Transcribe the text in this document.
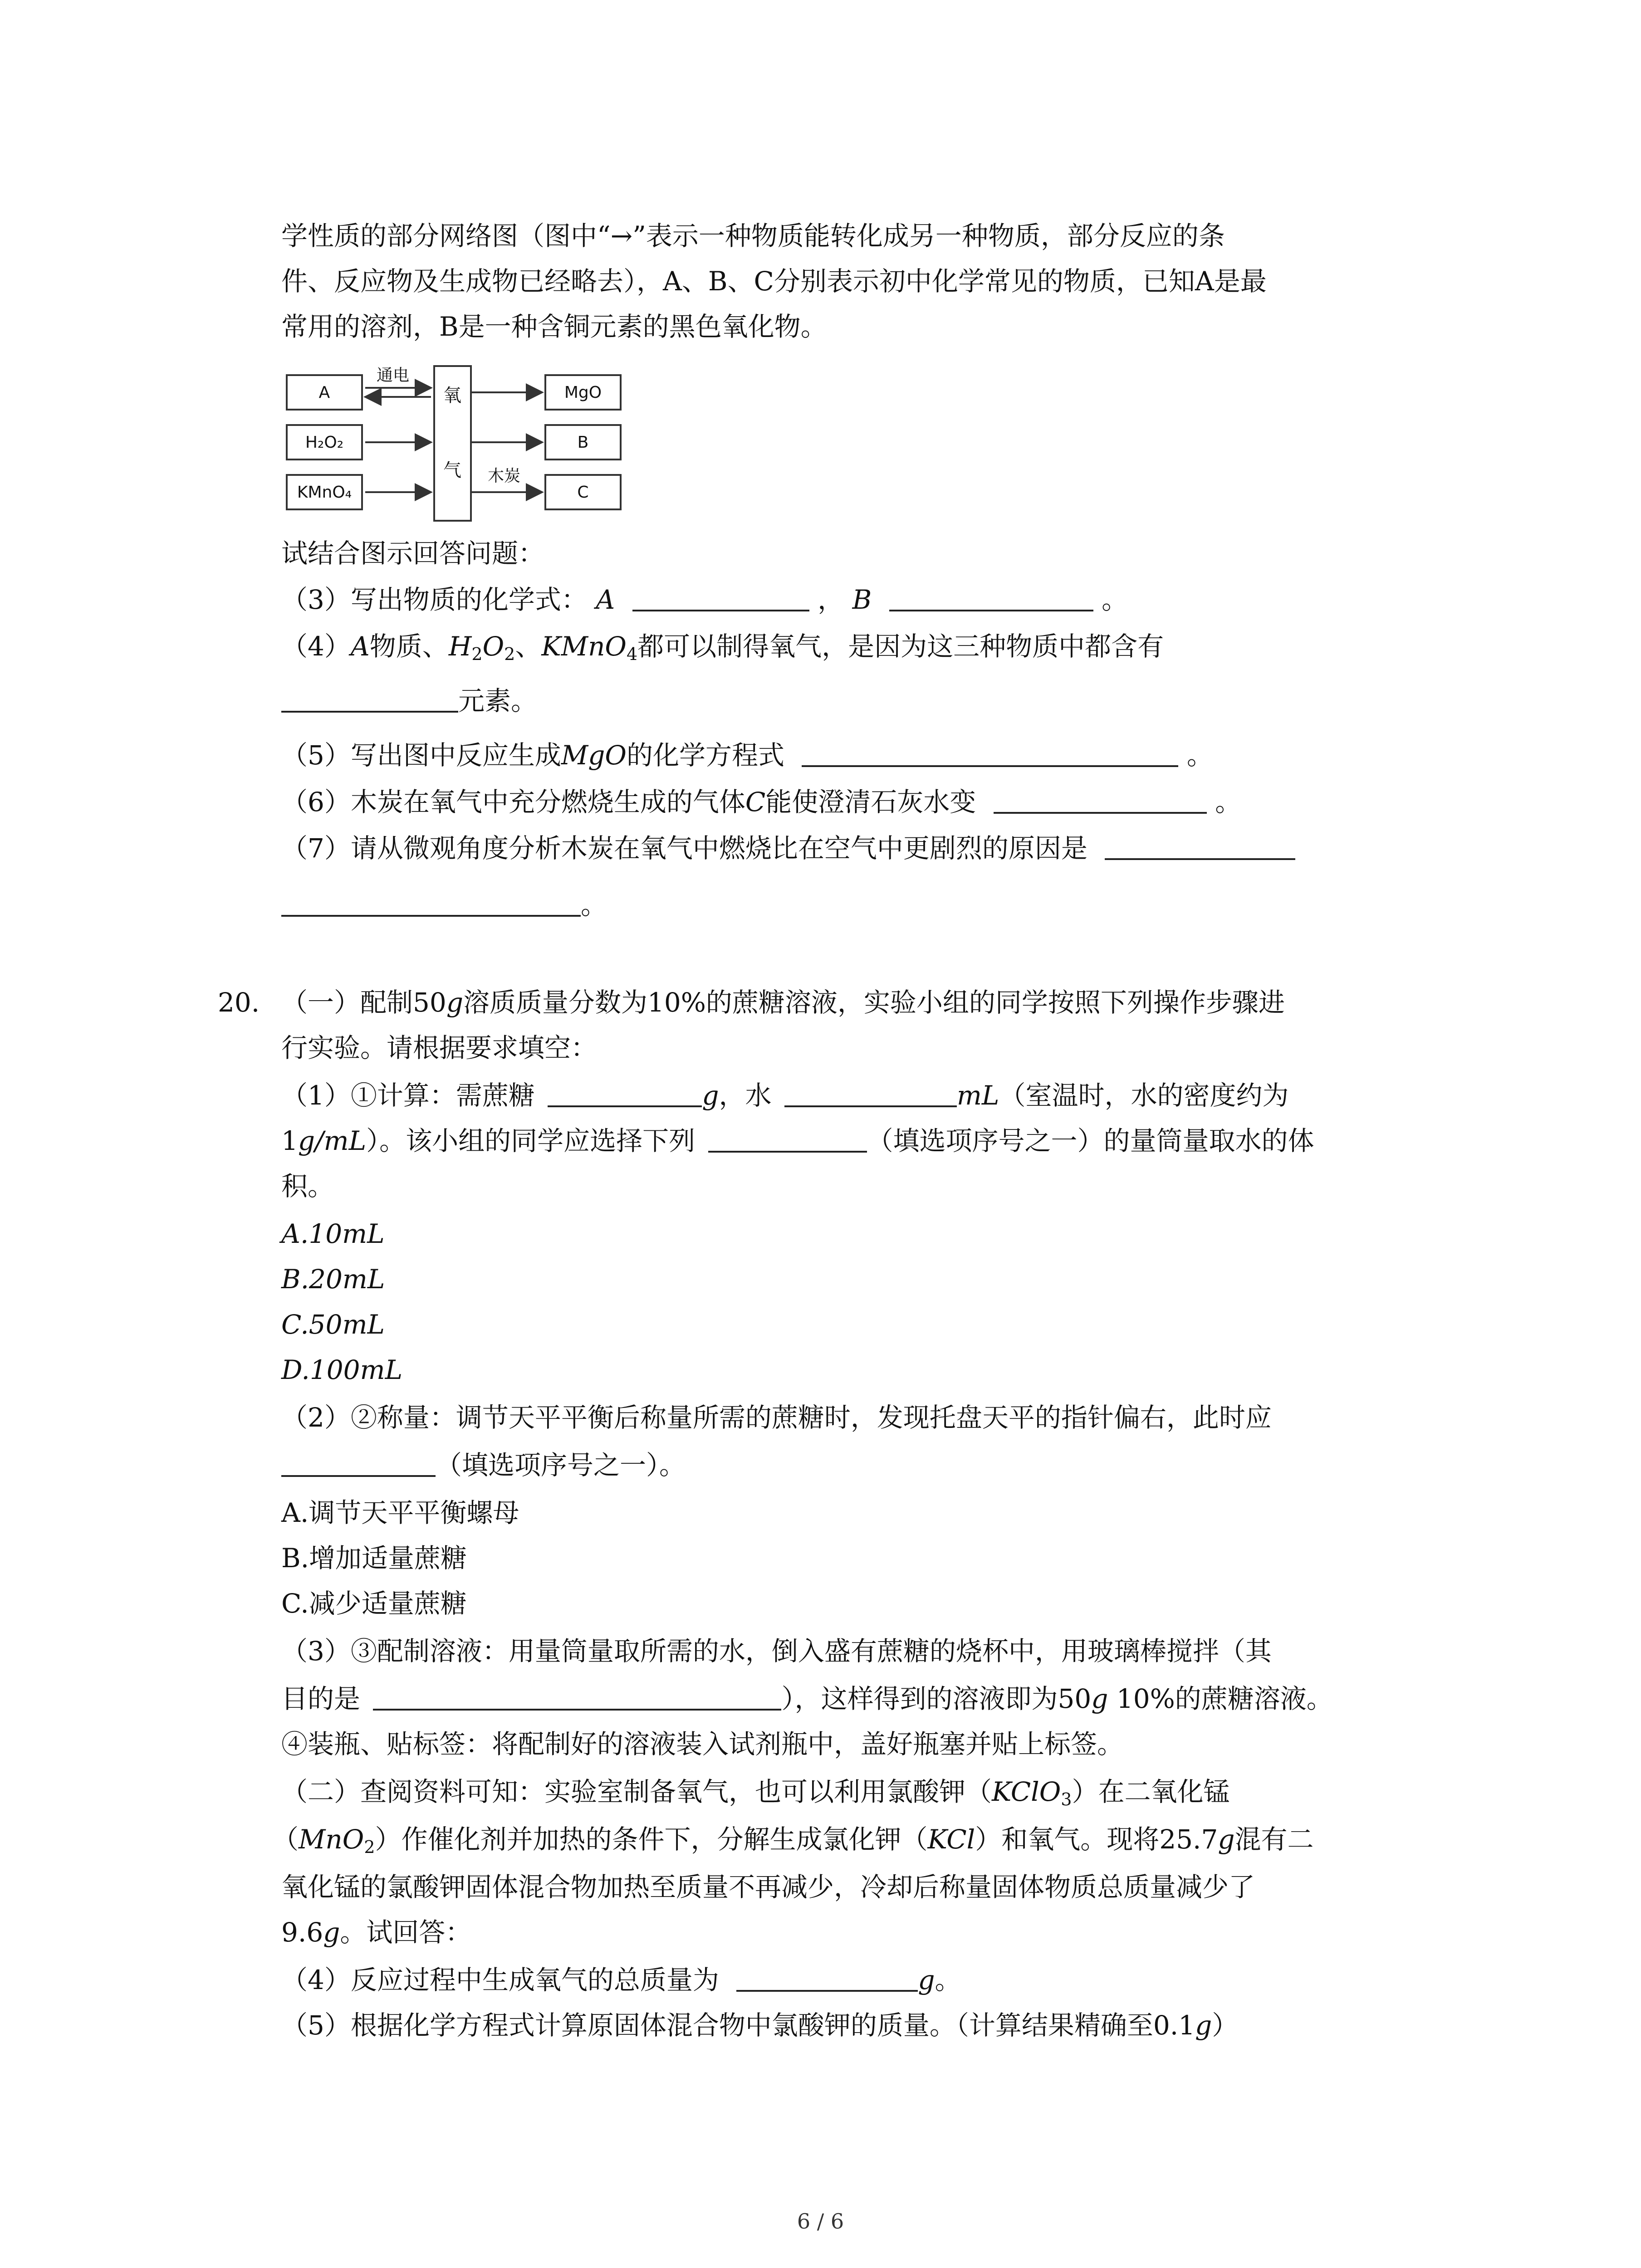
学性质的部分网络图（图中“→”表示一种物质能转化成另一种物质，部分反应的条
件、反应物及生成物已经略去），A、B、C分别表示初中化学常见的物质，已知A是最
常用的溶剂，B是一种含铜元素的黑色氧化物。
A
H₂O₂
KMnO₄
氧
气
MgO
B
C
通电
木炭
试结合图示回答问题：
（3）写出物质的化学式： A	， B	。
（4）A物质、$H_2O_2$、KMnO$_4$都可以制得氧气，是因为这三种物质中都含有
元素。
（5）写出图中反应生成MgO的化学方程式	。
（6）木炭在氧气中充分燃烧生成的气体C能使澄清石灰水变	。
（7）请从微观角度分析木炭在氧气中燃烧比在空气中更剧烈的原因是
。
20. （一）配制50g溶质质量分数为10%的蔗糖溶液，实验小组的同学按照下列操作步骤进
行实验。请根据要求填空：
（1）①计算：需蔗糖	g，水	mL（室温时，水的密度约为
1g/mL）。该小组的同学应选择下列	（填选项序号之一）的量筒量取水的体
积。
A.10mL
B.20mL
C.50mL
D.100mL
（2）②称量：调节天平平衡后称量所需的蔗糖时，发现托盘天平的指针偏右，此时应
（填选项序号之一）。
A.调节天平平衡螺母
B.增加适量蔗糖
C.减少适量蔗糖
（3）③配制溶液：用量筒量取所需的水，倒入盛有蔗糖的烧杯中，用玻璃棒搅拌（其
目的是	），这样得到的溶液即为50g 10%的蔗糖溶液。
④装瓶、贴标签：将配制好的溶液装入试剂瓶中，盖好瓶塞并贴上标签。
（二）查阅资料可知：实验室制备氧气，也可以利用氯酸钾（KClO$_3$）在二氧化锰
（MnO$_2$）作催化剂并加热的条件下，分解生成氯化钾（KCl）和氧气。现将25.7g混有二
氧化锰的氯酸钾固体混合物加热至质量不再减少，冷却后称量固体物质总质量减少了
9.6g。试回答：
（4）反应过程中生成氧气的总质量为	g。
（5）根据化学方程式计算原固体混合物中氯酸钾的质量。（计算结果精确至0.1g）
6 / 6
